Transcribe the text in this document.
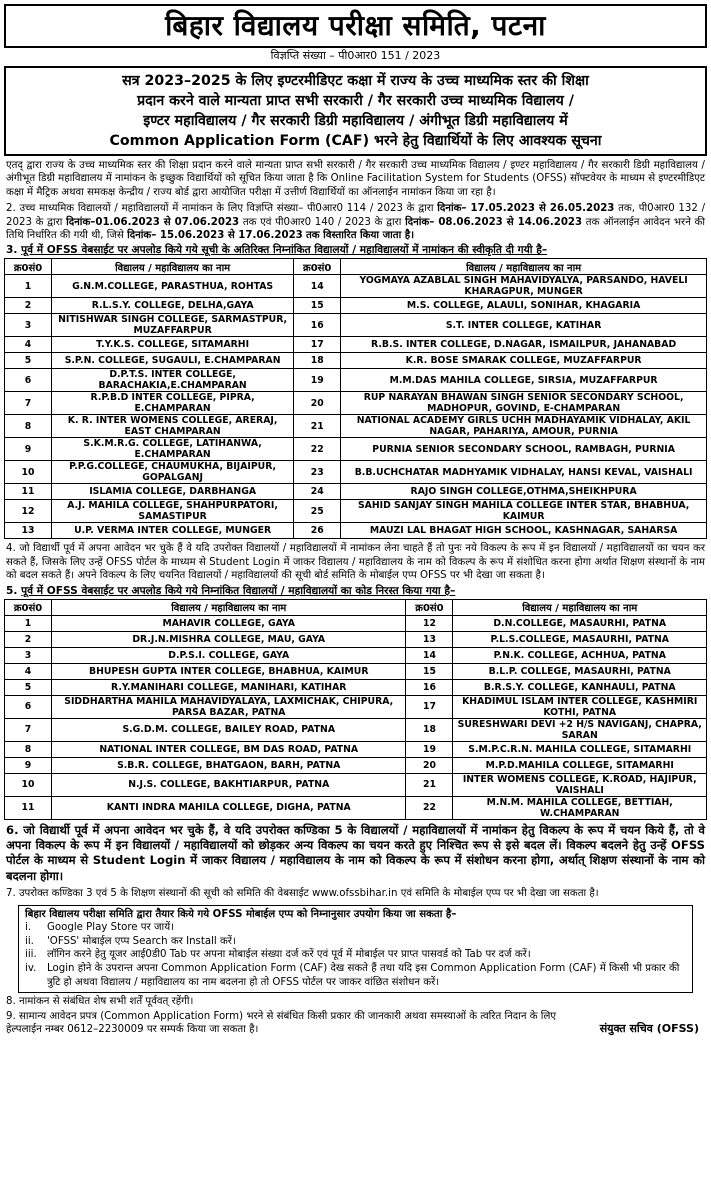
बिहार विद्यालय परीक्षा समिति, पटना
विज्ञप्ति संख्या – पी0आर0 151 / 2023
सत्र 2023–2025 के लिए इण्टरमीडिएट कक्षा में राज्य के उच्च माध्यमिक स्तर की शिक्षा
प्रदान करने वाले मान्यता प्राप्त सभी सरकारी / गैर सरकारी उच्च माध्यमिक विद्यालय /
इण्टर महाविद्यालय / गैर सरकारी डिग्री महाविद्यालय / अंगीभूत डिग्री महाविद्यालय में
Common Application Form (CAF) भरने हेतु विद्यार्थियों के लिए आवश्यक सूचना
एतद् द्वारा राज्य के उच्च माध्यमिक स्तर की शिक्षा प्रदान करने वाले मान्यता प्राप्त सभी सरकारी / गैर सरकारी उच्च माध्यमिक विद्यालय / इण्टर महाविद्यालय / गैर सरकारी डिग्री महाविद्यालय / अंगीभूत डिग्री महाविद्यालय में नामांकन के इच्छुक विद्यार्थियों को सूचित किया जाता है कि Online Facilitation System for Students (OFSS) सॉफ्टवेयर के माध्यम से इण्टरमीडिएट कक्षा में मैट्रिक अथवा समकक्ष केन्द्रीय / राज्य बोर्ड द्वारा आयोजित परीक्षा में उत्तीर्ण विद्यार्थियों का ऑनलाईन नामांकन किया जा रहा है।
2. उच्च माध्यमिक विद्यालयों / महाविद्यालयों में नामांकन के लिए विज्ञप्ति संख्या– पी0आर0 114 / 2023 के द्वारा दिनांक– 17.05.2023 से 26.05.2023 तक, पी0आर0 132 / 2023 के द्वारा दिनांक–01.06.2023 से 07.06.2023 तक एवं पी0आर0 140 / 2023 के द्वारा दिनांक– 08.06.2023 से 14.06.2023 तक ऑनलाईन आवेदन भरने की तिथि निर्धारित की गयी थी, जिसे दिनांक– 15.06.2023 से 17.06.2023 तक विस्तारित किया जाता है।
3. पूर्व में OFSS वेबसाईट पर अपलोड किये गये सूची के अतिरिक्त निम्नांकित विद्यालयों / महाविद्यालयों में नामांकन की स्वीकृति दी गयी है–
क्र0सं0	विद्यालय / महाविद्यालय का नाम	क्र0सं0	विद्यालय / महाविद्यालय का नाम
1	G.N.M.COLLEGE, PARASTHUA, ROHTAS	14	YOGMAYA AZABLAL SINGH MAHAVIDYALYA, PARSANDO, HAVELI KHARAGPUR, MUNGER
2	R.L.S.Y. COLLEGE, DELHA,GAYA	15	M.S. COLLEGE, ALAULI, SONIHAR, KHAGARIA
3	NITISHWAR SINGH COLLEGE, SARMASTPUR, MUZAFFARPUR	16	S.T. INTER COLLEGE, KATIHAR
4	T.Y.K.S. COLLEGE, SITAMARHI	17	R.B.S. INTER COLLEGE, D.NAGAR, ISMAILPUR, JAHANABAD
5	S.P.N. COLLEGE, SUGAULI, E.CHAMPARAN	18	K.R. BOSE SMARAK COLLEGE, MUZAFFARPUR
6	D.P.T.S. INTER COLLEGE, BARACHAKIA,E.CHAMPARAN	19	M.M.DAS MAHILA COLLEGE, SIRSIA, MUZAFFARPUR
7	R.P.B.D INTER COLLEGE, PIPRA, E.CHAMPARAN	20	RUP NARAYAN BHAWAN SINGH SENIOR SECONDARY SCHOOL, MADHOPUR, GOVIND, E-CHAMPARAN
8	K. R. INTER WOMENS COLLEGE, ARERAJ, EAST CHAMPARAN	21	NATIONAL ACADEMY GIRLS UCHH MADHAYAMIK VIDHALAY, AKIL NAGAR, PAHARIYA, AMOUR, PURNIA
9	S.K.M.R.G. COLLEGE, LATIHANWA, E.CHAMPARAN	22	PURNIA SENIOR SECONDARY SCHOOL, RAMBAGH, PURNIA
10	P.P.G.COLLEGE, CHAUMUKHA, BIJAIPUR, GOPALGANJ	23	B.B.UCHCHATAR MADHYAMIK VIDHALAY, HANSI KEVAL, VAISHALI
11	ISLAMIA COLLEGE, DARBHANGA	24	RAJO SINGH COLLEGE,OTHMA,SHEIKHPURA
12	A.J. MAHILA COLLEGE, SHAHPURPATORI, SAMASTIPUR	25	SAHID SANJAY SINGH MAHILA COLLEGE INTER STAR, BHABHUA, KAIMUR
13	U.P. VERMA INTER COLLEGE, MUNGER	26	MAUZI LAL BHAGAT HIGH SCHOOL, KASHNAGAR, SAHARSA
4. जो विद्यार्थी पूर्व में अपना आवेदन भर चुके हैं वे यदि उपरोक्त विद्यालयों / महाविद्यालयों में नामांकन लेना चाहते हैं तो पुनः नये विकल्प के रूप में इन विद्यालयों / महाविद्यालयों का चयन कर सकते हैं, जिसके लिए उन्हें OFSS पोर्टल के माध्यम से Student Login में जाकर विद्यालय / महाविद्यालय के नाम को विकल्प के रूप में संशोधित करना होगा अर्थात शिक्षण संस्थानों के नाम को बदल सकते हैं। अपने विकल्प के लिए चयनित विद्यालयों / महाविद्यालयों की सूची बोर्ड समिति के मोबाईल एप्प OFSS पर भी देखा जा सकता है।
5. पूर्व में OFSS वेबसाईट पर अपलोड किये गये निम्नांकित विद्यालयों / महाविद्यालयों का कोड निरस्त किया गया है–
क्र0सं0	विद्यालय / महाविद्यालय का नाम	क्र0सं0	विद्यालय / महाविद्यालय का नाम
1	MAHAVIR COLLEGE, GAYA	12	D.N.COLLEGE, MASAURHI, PATNA
2	DR.J.N.MISHRA COLLEGE, MAU, GAYA	13	P.L.S.COLLEGE, MASAURHI, PATNA
3	D.P.S.I. COLLEGE, GAYA	14	P.N.K. COLLEGE, ACHHUA, PATNA
4	BHUPESH GUPTA INTER COLLEGE, BHABHUA, KAIMUR	15	B.L.P. COLLEGE, MASAURHI, PATNA
5	R.Y.MANIHARI COLLEGE, MANIHARI, KATIHAR	16	B.R.S.Y. COLLEGE, KANHAULI, PATNA
6	SIDDHARTHA MAHILA MAHAVIDYALAYA, LAXMICHAK, CHIPURA, PARSA BAZAR, PATNA	17	KHADIMUL ISLAM INTER COLLEGE, KASHMIRI KOTHI, PATNA
7	S.G.D.M. COLLEGE, BAILEY ROAD, PATNA	18	SURESHWARI DEVI +2 H/S NAVIGANJ, CHAPRA, SARAN
8	NATIONAL INTER COLLEGE, BM DAS ROAD, PATNA	19	S.M.P.C.R.N. MAHILA COLLEGE, SITAMARHI
9	S.B.R. COLLEGE, BHATGAON, BARH, PATNA	20	M.P.D.MAHILA COLLEGE, SITAMARHI
10	N.J.S. COLLEGE, BAKHTIARPUR, PATNA	21	INTER WOMENS COLLEGE, K.ROAD, HAJIPUR, VAISHALI
11	KANTI INDRA MAHILA COLLEGE, DIGHA, PATNA	22	M.N.M. MAHILA COLLEGE, BETTIAH, W.CHAMPARAN
6. जो विद्यार्थी पूर्व में अपना आवेदन भर चुके हैं, वे यदि उपरोक्त कण्डिका 5 के विद्यालयों / महाविद्यालयों में नामांकन हेतु विकल्प के रूप में चयन किये हैं, तो वे अपना विकल्प के रूप में इन विद्यालयों / महाविद्यालयों को छोड़कर अन्य विकल्प का चयन करते हुए निश्चित रूप से इसे बदल लें। विकल्प बदलने हेतु उन्हें OFSS पोर्टल के माध्यम से Student Login में जाकर विद्यालय / महाविद्यालय के नाम को विकल्प के रूप में संशोधन करना होगा, अर्थात् शिक्षण संस्थानों के नाम को बदलना होगा।
7. उपरोक्त कण्डिका 3 एवं 5 के शिक्षण संस्थानों की सूची को समिति की वेबसाईट www.ofssbihar.in एवं समिति के मोबाईल एप्प पर भी देखा जा सकता है।
बिहार विद्यालय परीक्षा समिति द्वारा तैयार किये गये OFSS मोबाईल एप्प को निम्नानुसार उपयोग किया जा सकता है–
i.	Google Play Store पर जायें।
ii.	'OFSS' मोबाईल एप्प Search कर Install करें।
iii.	लॉगिन करने हेतु यूजर आई0डी0 Tab पर अपना मोबाईल संख्या दर्ज करें एवं पूर्व में मोबाईल पर प्राप्त पासवर्ड को Tab पर दर्ज करें।
iv.	Login होने के उपरान्त अपना Common Application Form (CAF) देख सकते हैं तथा यदि इस Common Application Form (CAF) में किसी भी प्रकार की त्रुटि हो अथवा विद्यालय / महाविद्यालय का नाम बदलना हो तो OFSS पोर्टल पर जाकर वांछित संशोधन करें।
8. नामांकन से संबंधित शेष सभी शर्तें पूर्ववत् रहेंगी।
9. सामान्य आवेदन प्रपत्र (Common Application Form) भरने से संबंधित किसी प्रकार की जानकारी अथवा समस्याओं के त्वरित निदान के लिए हेल्पलाईन नम्बर 0612–2230009 पर सम्पर्क किया जा सकता है।	संयुक्त सचिव (OFSS)
